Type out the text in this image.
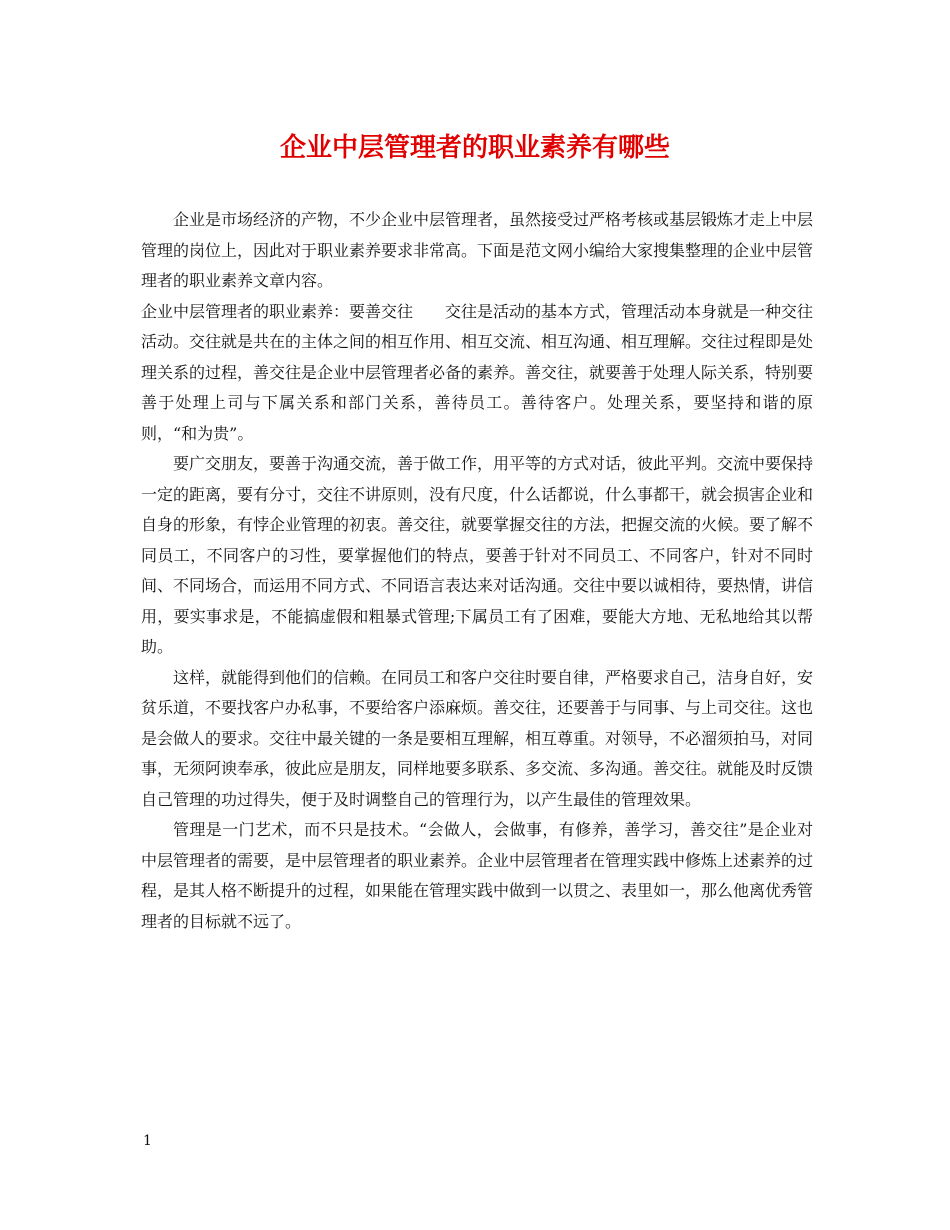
企业中层管理者的职业素养有哪些

企业是市场经济的产物，不少企业中层管理者，虽然接受过严格考核或基层锻炼才走上中层管理的岗位上，因此对于职业素养要求非常高。下面是范文网小编给大家搜集整理的企业中层管理者的职业素养文章内容。

企业中层管理者的职业素养：要善交往　　交往是活动的基本方式，管理活动本身就是一种交往活动。交往就是共在的主体之间的相互作用、相互交流、相互沟通、相互理解。交往过程即是处理关系的过程，善交往是企业中层管理者必备的素养。善交往，就要善于处理人际关系，特别要善于处理上司与下属关系和部门关系，善待员工。善待客户。处理关系，要坚持和谐的原则，“和为贵”。

要广交朋友，要善于沟通交流，善于做工作，用平等的方式对话，彼此平判。交流中要保持一定的距离，要有分寸，交往不讲原则，没有尺度，什么话都说，什么事都干，就会损害企业和自身的形象，有悖企业管理的初衷。善交往，就要掌握交往的方法，把握交流的火候。要了解不同员工，不同客户的习性，要掌握他们的特点，要善于针对不同员工、不同客户，针对不同时间、不同场合，而运用不同方式、不同语言表达来对话沟通。交往中要以诚相待，要热情，讲信用，要实事求是，不能搞虚假和粗暴式管理;下属员工有了困难，要能大方地、无私地给其以帮助。

这样，就能得到他们的信赖。在同员工和客户交往时要自律，严格要求自己，洁身自好，安贫乐道，不要找客户办私事，不要给客户添麻烦。善交往，还要善于与同事、与上司交往。这也是会做人的要求。交往中最关键的一条是要相互理解，相互尊重。对领导，不必溜须拍马，对同事，无须阿谀奉承，彼此应是朋友，同样地要多联系、多交流、多沟通。善交往。就能及时反馈自己管理的功过得失，便于及时调整自己的管理行为，以产生最佳的管理效果。

管理是一门艺术，而不只是技术。“会做人，会做事，有修养，善学习，善交往”是企业对中层管理者的需要，是中层管理者的职业素养。企业中层管理者在管理实践中修炼上述素养的过程，是其人格不断提升的过程，如果能在管理实践中做到一以贯之、表里如一，那么他离优秀管理者的目标就不远了。

1
